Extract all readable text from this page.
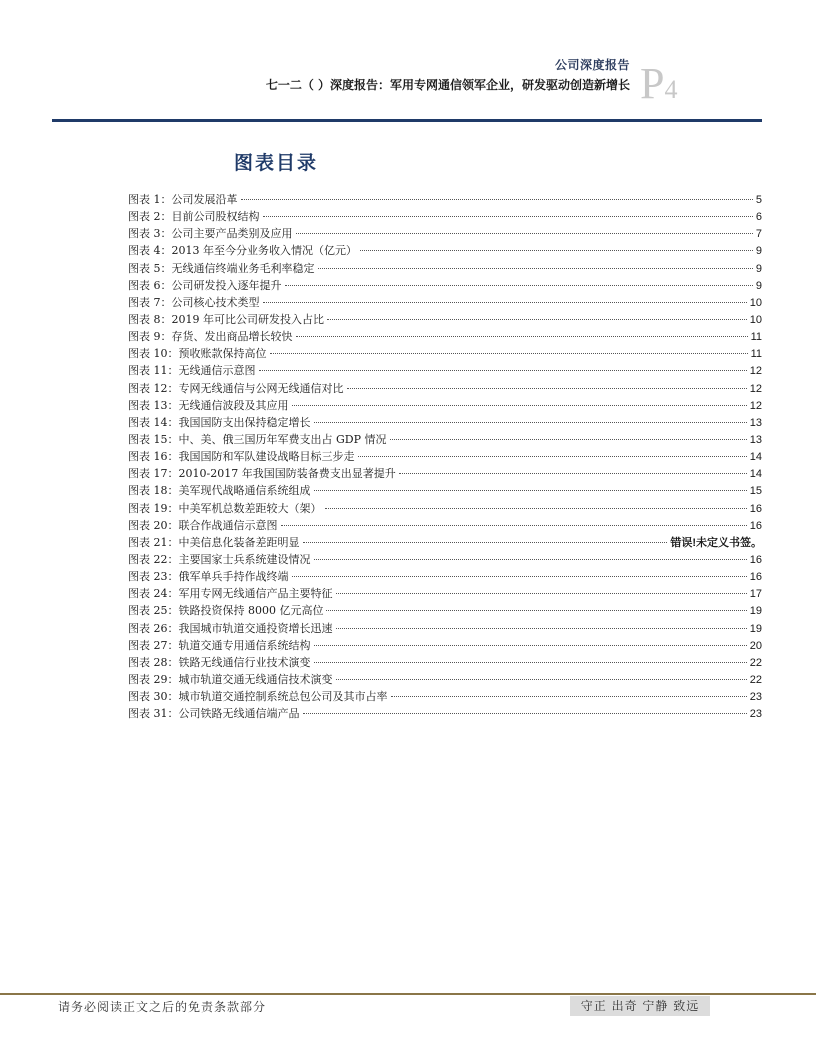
公司深度报告
七一二（ ）深度报告：军用专网通信领军企业，研发驱动创造新增长 P4
图表目录
图表 1：公司发展沿革	5
图表 2：目前公司股权结构	6
图表 3：公司主要产品类别及应用	7
图表 4：2013 年至今分业务收入情况（亿元）	9
图表 5：无线通信终端业务毛利率稳定	9
图表 6：公司研发投入逐年提升	9
图表 7：公司核心技术类型	10
图表 8：2019 年可比公司研发投入占比	10
图表 9：存货、发出商品增长较快	11
图表 10：预收账款保持高位	11
图表 11：无线通信示意图	12
图表 12：专网无线通信与公网无线通信对比	12
图表 13：无线通信波段及其应用	12
图表 14：我国国防支出保持稳定增长	13
图表 15：中、美、俄三国历年军费支出占 GDP 情况	13
图表 16：我国国防和军队建设战略目标三步走	14
图表 17：2010-2017 年我国国防装备费支出显著提升	14
图表 18：美军现代战略通信系统组成	15
图表 19：中美军机总数差距较大（架）	16
图表 20：联合作战通信示意图	16
图表 21：中美信息化装备差距明显	错误!未定义书签。
图表 22：主要国家士兵系统建设情况	16
图表 23：俄军单兵手持作战终端	16
图表 24：军用专网无线通信产品主要特征	17
图表 25：铁路投资保持 8000 亿元高位	19
图表 26：我国城市轨道交通投资增长迅速	19
图表 27：轨道交通专用通信系统结构	20
图表 28：铁路无线通信行业技术演变	22
图表 29：城市轨道交通无线通信技术演变	22
图表 30：城市轨道交通控制系统总包公司及其市占率	23
图表 31：公司铁路无线通信端产品	23
请务必阅读正文之后的免责条款部分	守正 出奇 宁静 致远
